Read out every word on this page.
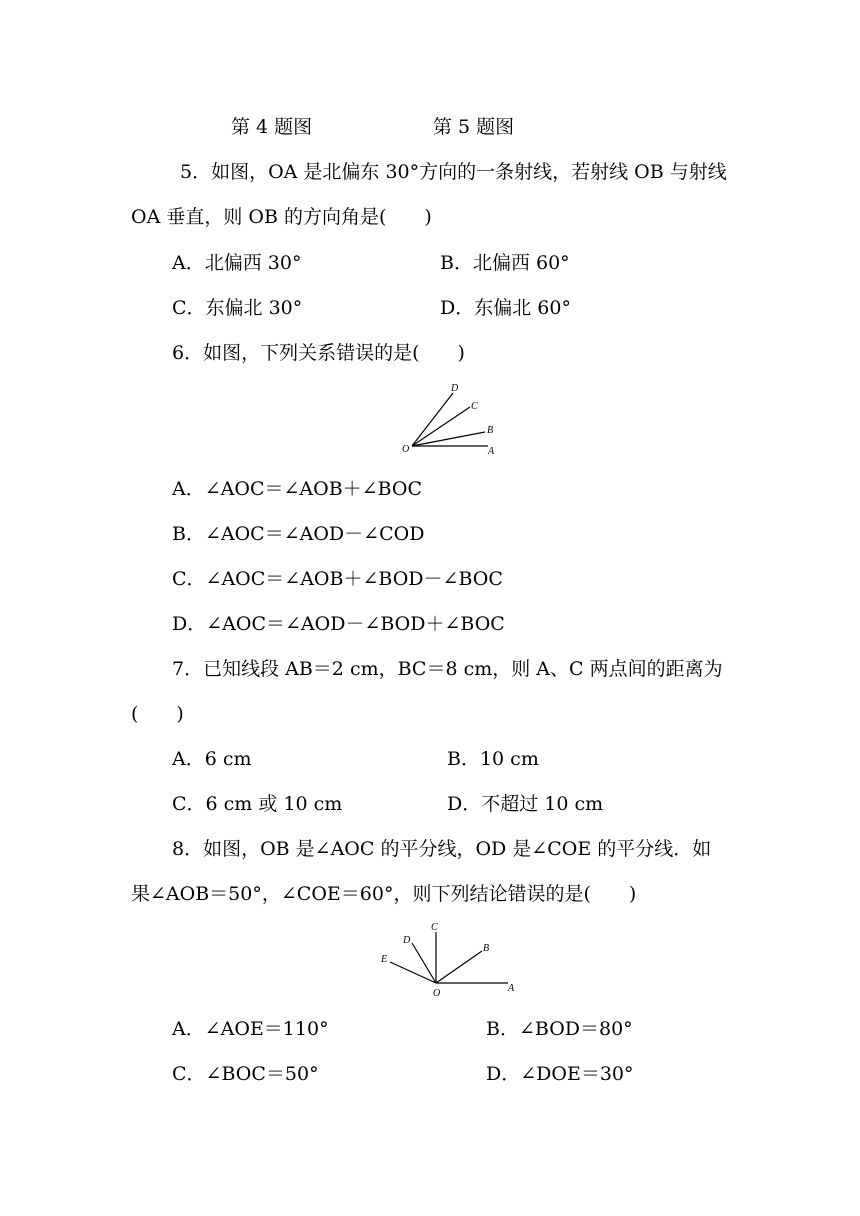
第 4 题图	第 5 题图
5．如图，OA 是北偏东 30°方向的一条射线，若射线 OB 与射线
OA 垂直，则 OB 的方向角是(　　)
A．北偏西 30°	B．北偏西 60°
C．东偏北 30°	D．东偏北 60°
6．如图，下列关系错误的是(　　)
O	A
B
C
D
A．∠AOC＝∠AOB＋∠BOC
B．∠AOC＝∠AOD－∠COD
C．∠AOC＝∠AOB＋∠BOD－∠BOC
D．∠AOC＝∠AOD－∠BOD＋∠BOC
7．已知线段 AB＝2 cm，BC＝8 cm，则 A、C 两点间的距离为
(　　)
A．6 cm	B．10 cm
C．6 cm 或 10 cm	D．不超过 10 cm
8．如图，OB 是∠AOC 的平分线，OD 是∠COE 的平分线．如
果∠AOB＝50°，∠COE＝60°，则下列结论错误的是(　　)
O	A
B
C
D
E
A．∠AOE＝110°	B．∠BOD＝80°
C．∠BOC＝50°	D．∠DOE＝30°
